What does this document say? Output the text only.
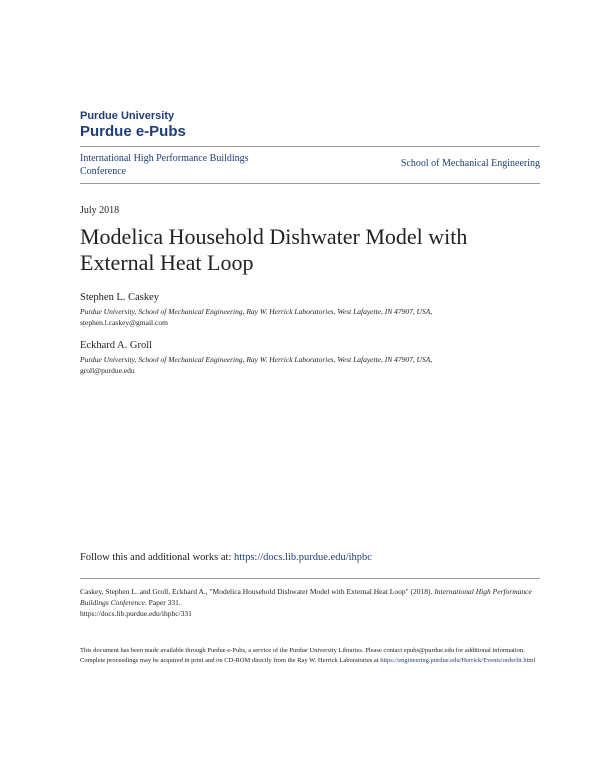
Purdue University
Purdue e-Pubs
International High Performance Buildings Conference
School of Mechanical Engineering
July 2018
Modelica Household Dishwater Model with External Heat Loop
Stephen L. Caskey
Purdue University, School of Mechanical Engineering, Ray W. Herrick Laboratories, West Lafayette, IN 47907, USA,
stephen.l.caskey@gmail.com
Eckhard A. Groll
Purdue University, School of Mechanical Engineering, Ray W. Herrick Laboratories, West Lafayette, IN 47907, USA,
groll@purdue.edu
Follow this and additional works at: https://docs.lib.purdue.edu/ihpbc
Caskey, Stephen L. and Groll, Eckhard A., "Modelica Household Dishwater Model with External Heat Loop" (2018). International High Performance Buildings Conference. Paper 331.
https://docs.lib.purdue.edu/ihpbc/331
This document has been made available through Purdue e-Pubs, a service of the Purdue University Libraries. Please contact epubs@purdue.edu for additional information.
Complete proceedings may be acquired in print and on CD-ROM directly from the Ray W. Herrick Laboratories at https://engineering.purdue.edu/Herrick/Events/orderlit.html
